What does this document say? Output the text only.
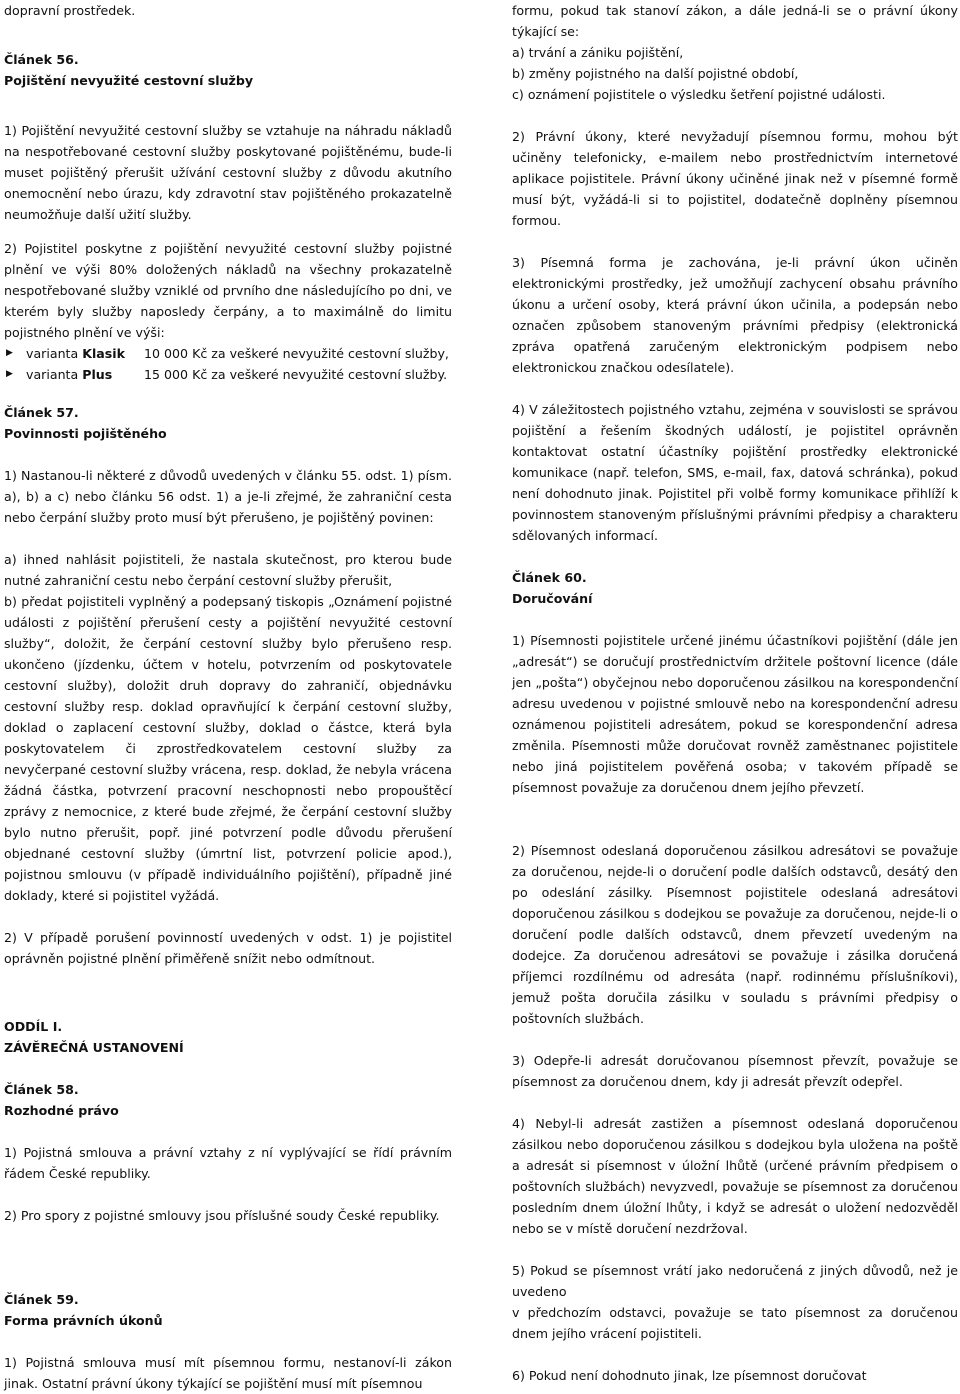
dopravní prostředek.

Článek 56.
Pojištění nevyužité cestovní služby

1) Pojištění nevyužité cestovní služby se vztahuje na náhradu nákladů na nespotřebované cestovní služby poskytované pojištěnému, bude-li muset pojištěný přerušit užívání cestovní služby z důvodu akutního onemocnění nebo úrazu, kdy zdravotní stav pojištěného prokazatelně neumožňuje další užití služby.

2) Pojistitel poskytne z pojištění nevyužité cestovní služby pojistné plnění ve výši 80% doložených nákladů na všechny prokazatelně nespotřebované služby vzniklé od prvního dne následujícího po dni, ve kterém byly služby naposledy čerpány, a to maximálně do limitu pojistného plnění ve výši:

▶ varianta Klasik 10 000 Kč za veškeré nevyužité cestovní služby,
▶ varianta Plus	15 000 Kč za veškeré nevyužité cestovní služby.
Článek 57.
Povinnosti pojištěného

1) Nastanou-li některé z důvodů uvedených v článku 55. odst. 1) písm. a), b) a c) nebo článku 56 odst. 1) a je-li zřejmé, že zahraniční cesta nebo čerpání služby proto musí být přerušeno, je pojištěný povinen:

a) ihned nahlásit pojistiteli, že nastala skutečnost, pro kterou bude nutné zahraniční cestu nebo čerpání cestovní služby přerušit,

b) předat pojistiteli vyplněný a podepsaný tiskopis „Oznámení pojistné události z pojištění přerušení cesty a pojištění nevyužité cestovní služby“, doložit, že čerpání cestovní služby bylo přerušeno resp. ukončeno (jízdenku, účtem v hotelu, potvrzením od poskytovatele cestovní služby), doložit druh dopravy do zahraničí, objednávku cestovní služby resp. doklad opravňující k čerpání cestovní služby, doklad o zaplacení cestovní služby, doklad o částce, která byla poskytovatelem či zprostředkovatelem cestovní služby za nevyčerpané cestovní služby vrácena, resp. doklad, že nebyla vrácena žádná částka, potvrzení pracovní neschopnosti nebo propouštěcí zprávy z nemocnice, z které bude zřejmé, že čerpání cestovní služby bylo nutno přerušit, popř. jiné potvrzení podle důvodu přerušení objednané cestovní služby (úmrtní list, potvrzení policie apod.), pojistnou smlouvu (v případě individuálního pojištění), případně jiné doklady, které si pojistitel vyžádá.

2) V případě porušení povinností uvedených v odst. 1) je pojistitel oprávněn pojistné plnění přiměřeně snížit nebo odmítnout.

ODDÍL I.
ZÁVĚREČNÁ USTANOVENÍ
Článek 58.
Rozhodné právo

1) Pojistná smlouva a právní vztahy z ní vyplývající se řídí právním řádem České republiky.

2) Pro spory z pojistné smlouvy jsou příslušné soudy České republiky.

Článek 59.
Forma právních úkonů

1) Pojistná smlouva musí mít písemnou formu, nestanoví-li zákon jinak. Ostatní právní úkony týkající se pojištění musí mít písemnou

formu, pokud tak stanoví zákon, a dále jedná-li se o právní úkony týkající se:

a) trvání a zániku pojištění,

b) změny pojistného na další pojistné období,

c) oznámení pojistitele o výsledku šetření pojistné události.

2) Právní úkony, které nevyžadují písemnou formu, mohou být učiněny telefonicky, e-mailem nebo prostřednictvím internetové aplikace pojistitele. Právní úkony učiněné jinak než v písemné formě musí být, vyžádá-li si to pojistitel, dodatečně doplněny písemnou formou.

3) Písemná forma je zachována, je-li právní úkon učiněn elektronickými prostředky, jež umožňují zachycení obsahu právního úkonu a určení osoby, která právní úkon učinila, a podepsán nebo označen způsobem stanoveným právními předpisy (elektronická zpráva opatřená zaručeným elektronickým podpisem nebo elektronickou značkou odesílatele).

4) V záležitostech pojistného vztahu, zejména v souvislosti se správou pojištění a řešením škodných událostí, je pojistitel oprávněn kontaktovat ostatní účastníky pojištění prostředky elektronické komunikace (např. telefon, SMS, e-mail, fax, datová schránka), pokud není dohodnuto jinak. Pojistitel při volbě formy komunikace přihlíží k povinnostem stanoveným příslušnými právními předpisy a charakteru sdělovaných informací.

Článek 60.
Doručování

1) Písemnosti pojistitele určené jinému účastníkovi pojištění (dále jen „adresát“) se doručují prostřednictvím držitele poštovní licence (dále jen „pošta“) obyčejnou nebo doporučenou zásilkou na korespondenční adresu uvedenou v pojistné smlouvě nebo na korespondenční adresu oznámenou pojistiteli adresátem, pokud se korespondenční adresa změnila. Písemnosti může doručovat rovněž zaměstnanec pojistitele nebo jiná pojistitelem pověřená osoba; v takovém případě se písemnost považuje za doručenou dnem jejího převzetí.

2) Písemnost odeslaná doporučenou zásilkou adresátovi se považuje za doručenou, nejde-li o doručení podle dalších odstavců, desátý den po odeslání zásilky. Písemnost pojistitele odeslaná adresátovi doporučenou zásilkou s dodejkou se považuje za doručenou, nejde-li o doručení podle dalších odstavců, dnem převzetí uvedeným na dodejce. Za doručenou adresátovi se považuje i zásilka doručená příjemci rozdílnému od adresáta (např. rodinnému příslušníkovi), jemuž pošta doručila zásilku v souladu s právními předpisy o poštovních službách.

3) Odepře-li adresát doručovanou písemnost převzít, považuje se písemnost za doručenou dnem, kdy ji adresát převzít odepřel.

4) Nebyl-li adresát zastižen a písemnost odeslaná doporučenou zásilkou nebo doporučenou zásilkou s dodejkou byla uložena na poště a adresát si písemnost v úložní lhůtě (určené právním předpisem o poštovních službách) nevyzvedl, považuje se písemnost za doručenou posledním dnem úložní lhůty, i když se adresát o uložení nedozvěděl nebo se v místě doručení nezdržoval.

5) Pokud se písemnost vrátí jako nedoručená z jiných důvodů, než je uvedeno

v předchozím odstavci, považuje se tato písemnost za doručenou dnem jejího vrácení pojistiteli.

6) Pokud není dohodnuto jinak, lze písemnost doručovat
